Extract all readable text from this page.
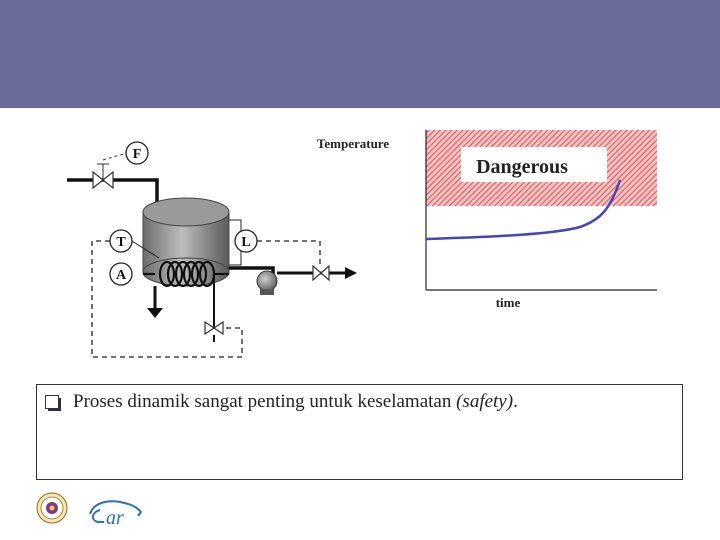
F
L
T
A
Temperature
Dangerous
time
Proses dinamik sangat penting untuk keselamatan (safety).
ar
